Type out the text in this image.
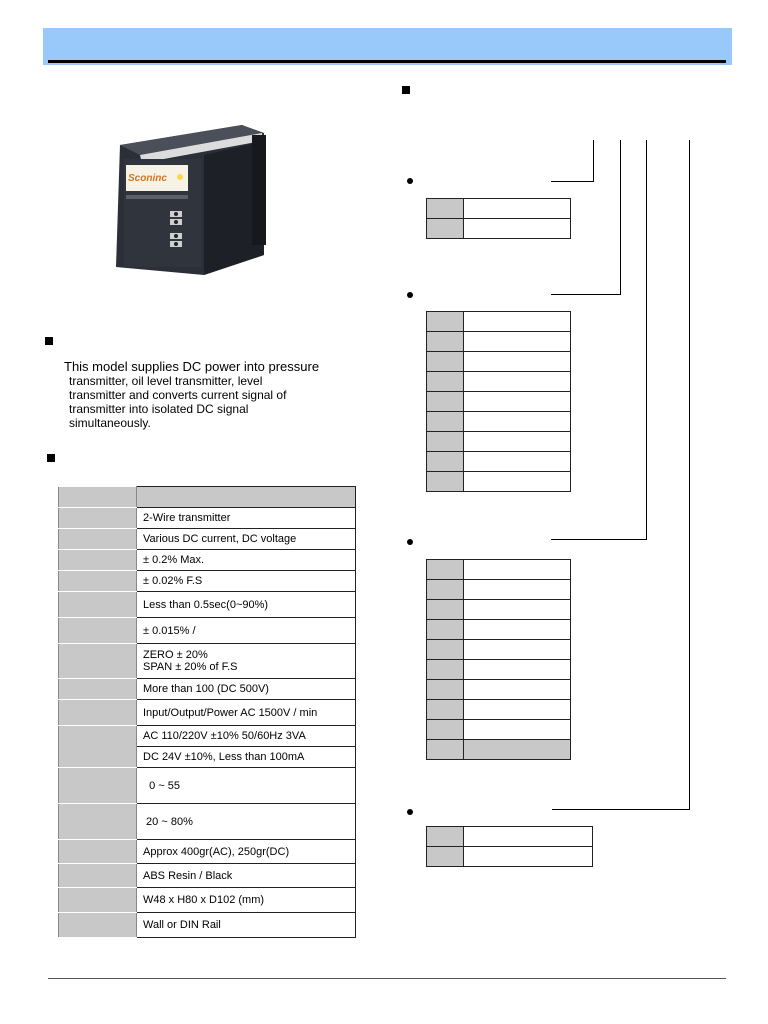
Sconinc
This model supplies DC power into pressure
transmitter, oil level transmitter, level
transmitter and converts current signal of
transmitter into isolated DC signal
simultaneously.

	2-Wire transmitter
	Various DC current, DC voltage
	± 0.2% Max.
	± 0.02% F.S
	Less than 0.5sec(0~90%)
	± 0.015% /
	ZERO ± 20%
SPAN ± 20% of F.S
	More than 100 (DC 500V)
	Input/Output/Power AC 1500V / min
	AC 110/220V ±10% 50/60Hz 3VA
	DC 24V ±10%, Less than 100mA
	0 ~ 55
	20 ~ 80%
	Approx 400gr(AC), 250gr(DC)
	ABS Resin / Black
	W48 x H80 x D102 (mm)
	Wall or DIN Rail
